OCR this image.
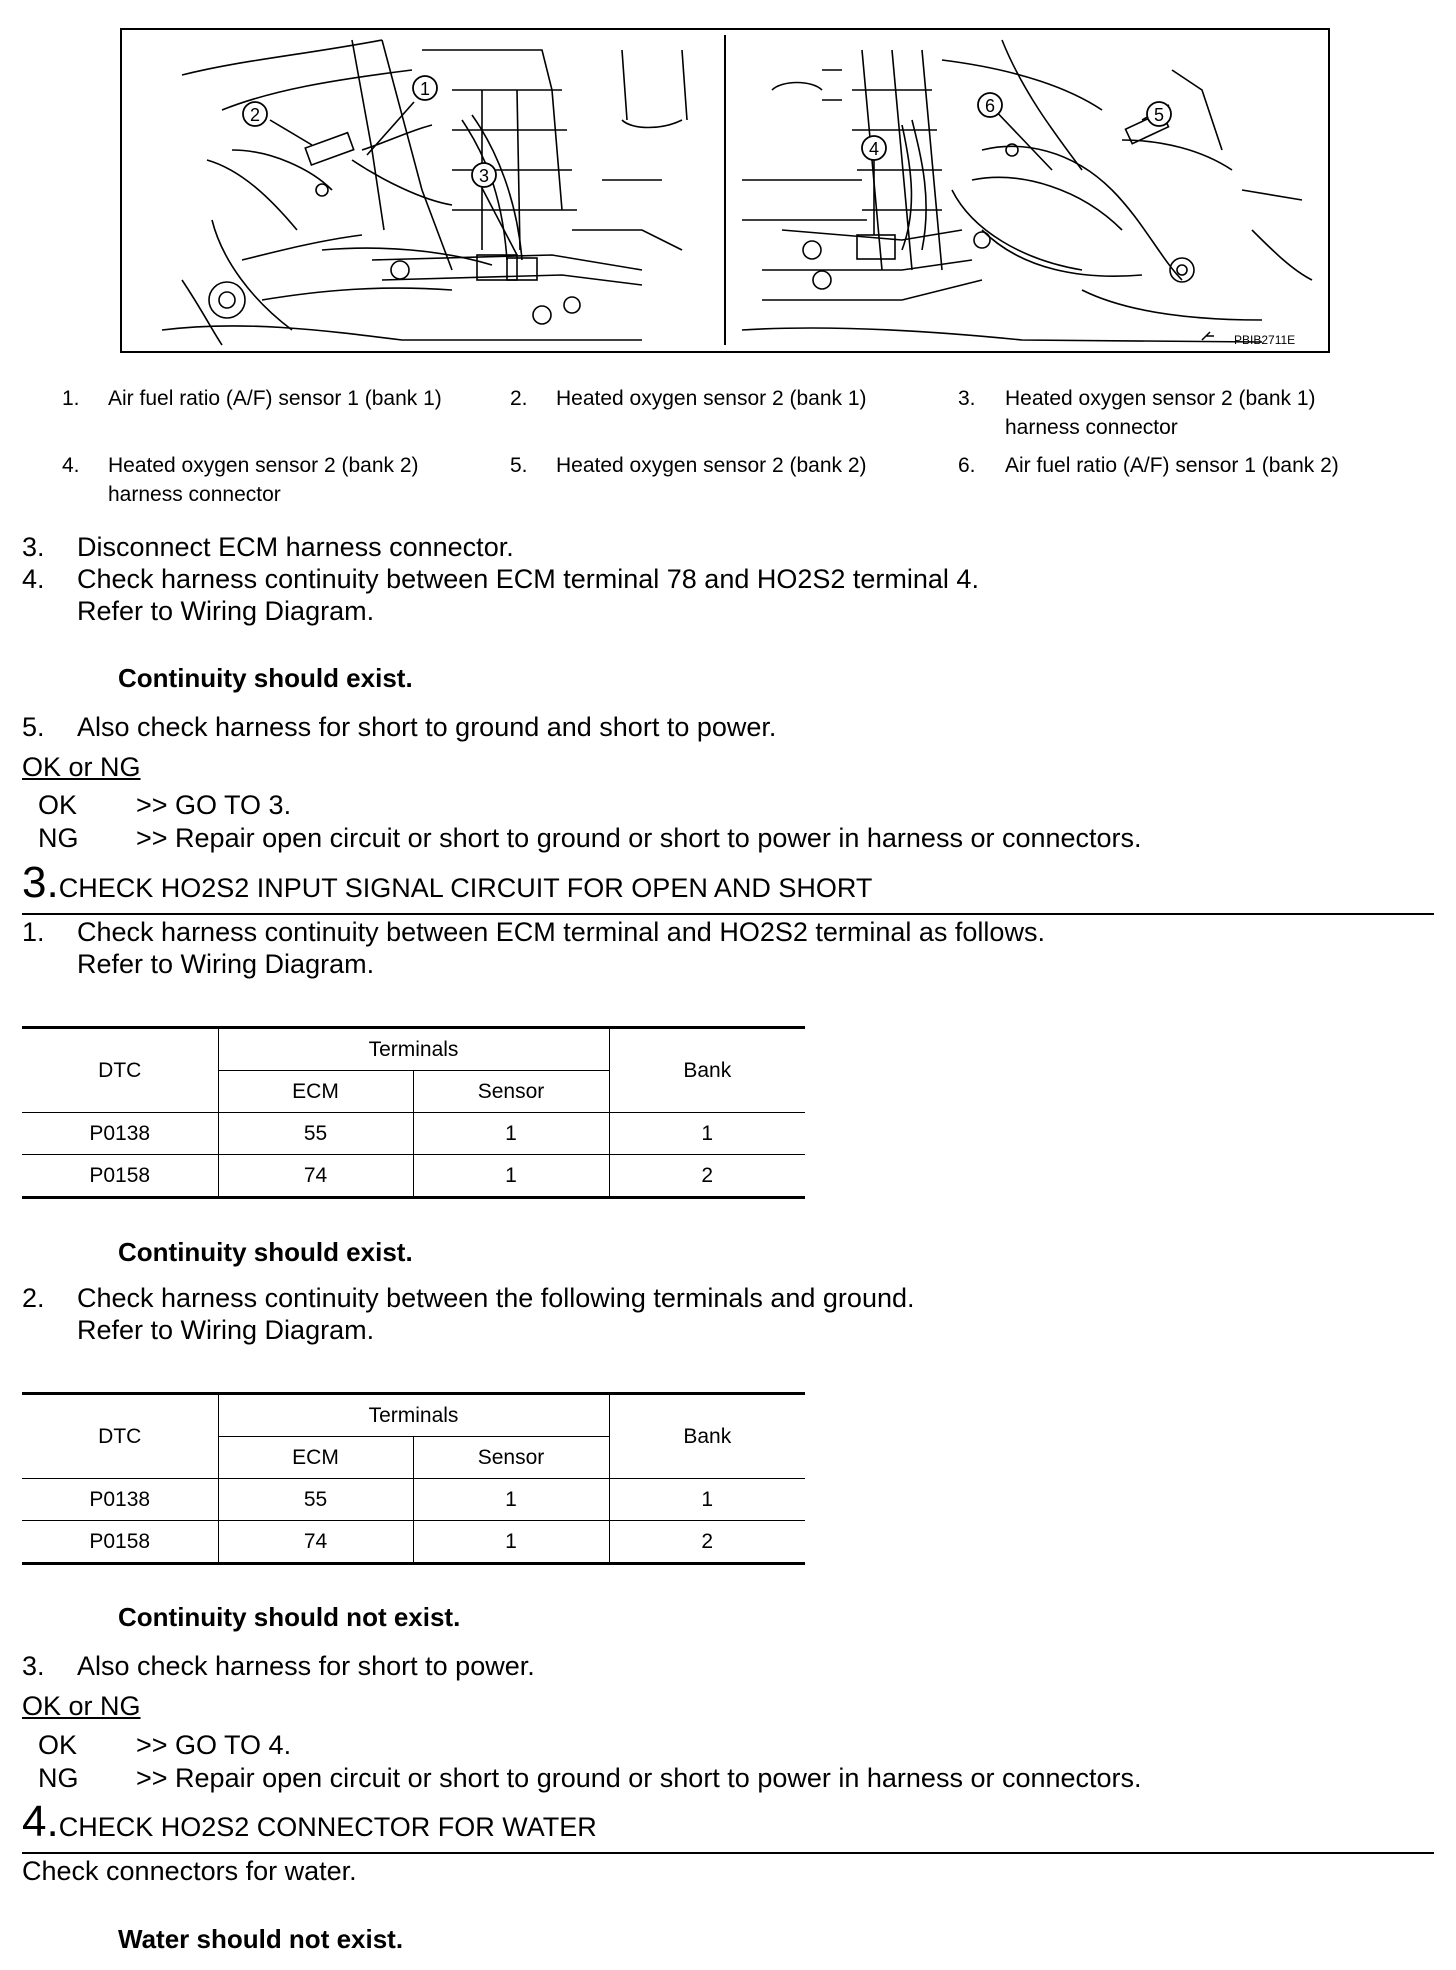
1
2
3
4
5
6
PBIB2711E
1.	Air fuel ratio (A/F) sensor 1 (bank 1)	2.	Heated oxygen sensor 2 (bank 1)	3.	Heated oxygen sensor 2 (bank 1)
harness connector
4.	Heated oxygen sensor 2 (bank 2)
harness connector
5.	Heated oxygen sensor 2 (bank 2)	6.	Air fuel ratio (A/F) sensor 1 (bank 2)
3. Disconnect ECM harness connector.
4. Check harness continuity between ECM terminal 78 and HO2S2 terminal 4.
Refer to Wiring Diagram.
Continuity should exist.
5. Also check harness for short to ground and short to power.
OK or NG
OK >> GO TO 3.
NG >> Repair open circuit or short to ground or short to power in harness or connectors.
3.CHECK HO2S2 INPUT SIGNAL CIRCUIT FOR OPEN AND SHORT
1. Check harness continuity between ECM terminal and HO2S2 terminal as follows.
Refer to Wiring Diagram.
DTC	Terminals		Bank
	ECM	Sensor	
P0138	55	1	1
P0158	74	1	2
Continuity should exist.
2. Check harness continuity between the following terminals and ground.
Refer to Wiring Diagram.
DTC	Terminals		Bank
	ECM	Sensor	
P0138	55	1	1
P0158	74	1	2
Continuity should not exist.
3. Also check harness for short to power.
OK or NG
OK >> GO TO 4.
NG >> Repair open circuit or short to ground or short to power in harness or connectors.
4.CHECK HO2S2 CONNECTOR FOR WATER
Check connectors for water.
Water should not exist.
